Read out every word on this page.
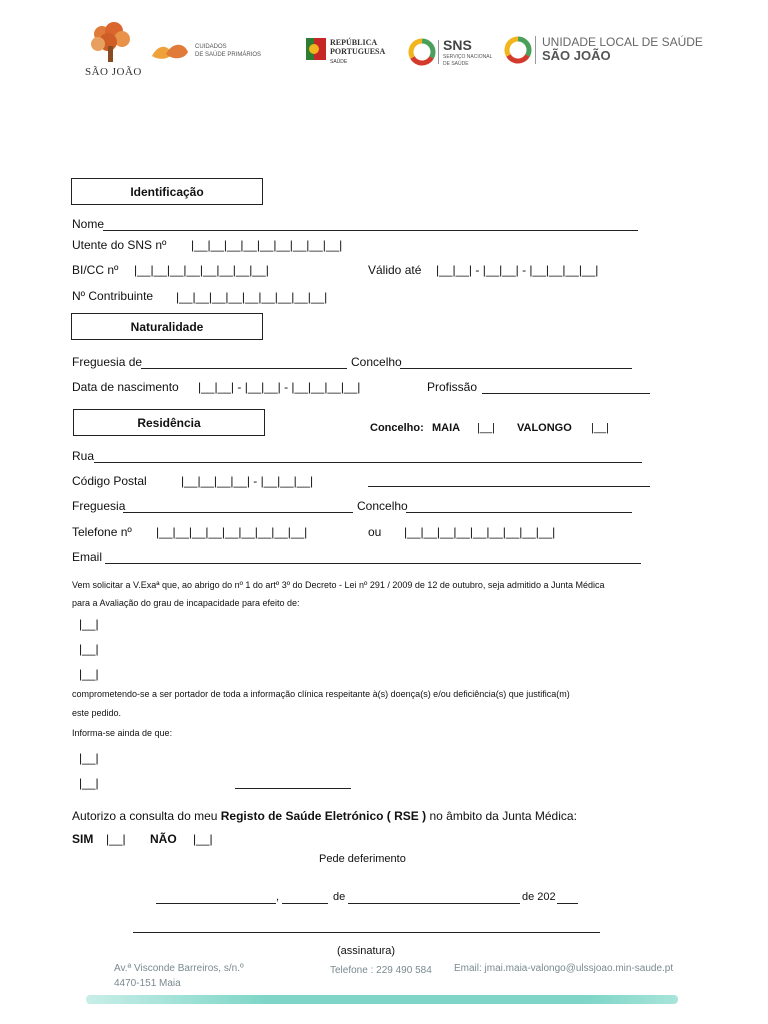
SÃO JOÃO
CUIDADOS
DE SAÚDE PRIMÁRIOS
REPÚBLICA
PORTUGUESA
SAÚDE
SNS
SERVIÇO NACIONAL
DE SAÚDE
UNIDADE LOCAL DE SAÚDE
SÃO JOÃO
Identificação
Nome
Utente do SNS nº |__|__|__|__|__|__|__|__|__|
BI/CC nº |__|__|__|__|__|__|__|__|	Válido até |__|__| - |__|__| - |__|__|__|__|
Nº Contribuinte |__|__|__|__|__|__|__|__|__|
Naturalidade
Freguesia de	Concelho
Data de nascimento |__|__| - |__|__| - |__|__|__|__|	Profissão
Residência	Concelho: MAIA |__| VALONGO |__|
Rua
Código Postal	|__|__|__|__| - |__|__|__|
Freguesia	Concelho
Telefone nº |__|__|__|__|__|__|__|__|__|	ou |__|__|__|__|__|__|__|__|__|
Email
Vem solicitar a V.Exaª que, ao abrigo do nº 1 do artº 3º do Decreto - Lei nº 291 / 2009 de 12 de outubro, seja admitido a Junta Médica
para a Avaliação do grau de incapacidade para efeito de:
|__|
|__|
|__|
comprometendo-se a ser portador de toda a informação clínica respeitante à(s) doença(s) e/ou deficiência(s) que justifica(m)
este pedido.
Informa-se ainda de que:
|__|
|__|
Autorizo a consulta do meu Registo de Saúde Eletrónico ( RSE ) no âmbito da Junta Médica:
SIM |__| NÃO |__|
Pede deferimento
,	de	de 202
(assinatura)
Av.ª Visconde Barreiros, s/n.º
4470-151 Maia
Telefone : 229 490 584 Email: jmai.maia-valongo@ulssjoao.min-saude.pt
